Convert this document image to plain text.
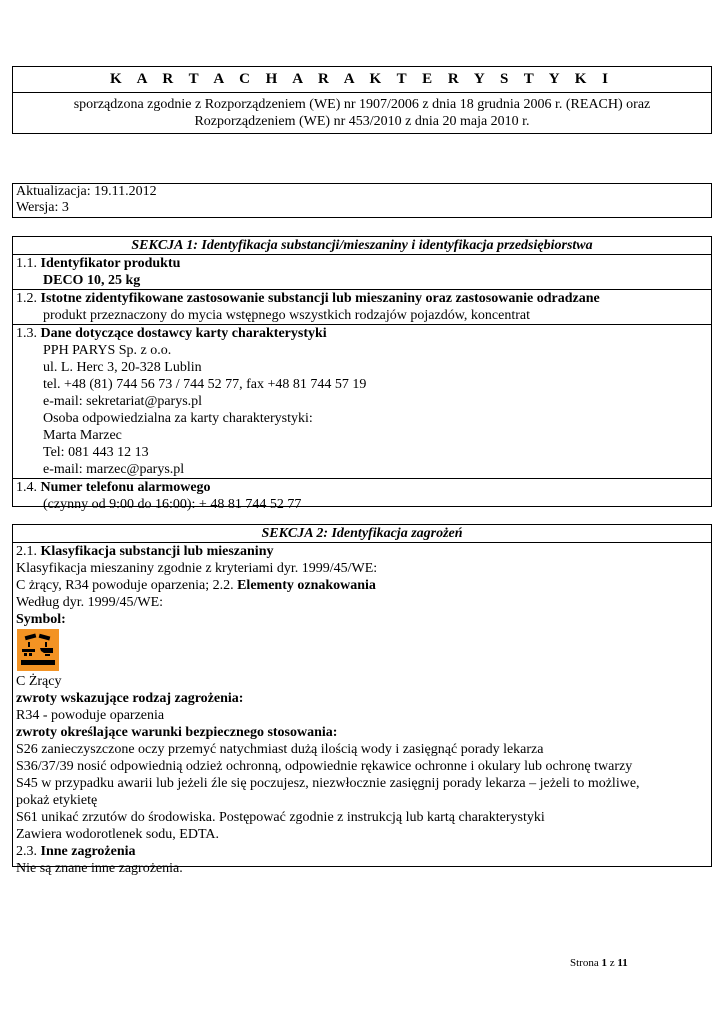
K A R T A C H A R A K T E R Y S T Y K I
sporządzona zgodnie z Rozporządzeniem (WE) nr 1907/2006 z dnia 18 grudnia 2006 r. (REACH) oraz
Rozporządzeniem (WE) nr 453/2010 z dnia 20 maja 2010 r.
Aktualizacja: 19.11.2012
Wersja: 3
SEKCJA 1: Identyfikacja substancji/mieszaniny i identyfikacja przedsiębiorstwa
1.1. Identyfikator produktu
DECO 10, 25 kg
1.2. Istotne zidentyfikowane zastosowanie substancji lub mieszaniny oraz zastosowanie odradzane
produkt przeznaczony do mycia wstępnego wszystkich rodzajów pojazdów, koncentrat
1.3. Dane dotyczące dostawcy karty charakterystyki
PPH PARYS Sp. z o.o.
ul. L. Herc 3, 20-328 Lublin
tel. +48 (81) 744 56 73 / 744 52 77, fax +48 81 744 57 19
e-mail: sekretariat@parys.pl
Osoba odpowiedzialna za karty charakterystyki:
Marta Marzec
Tel: 081 443 12 13
e-mail: marzec@parys.pl
1.4. Numer telefonu alarmowego
(czynny od 9:00 do 16:00): + 48 81 744 52 77
SEKCJA 2: Identyfikacja zagrożeń
2.1. Klasyfikacja substancji lub mieszaniny
Klasyfikacja mieszaniny zgodnie z kryteriami dyr. 1999/45/WE:
C żrący, R34 powoduje oparzenia; 2.2. Elementy oznakowania
Według dyr. 1999/45/WE:
Symbol:
C Żrący
zwroty wskazujące rodzaj zagrożenia:
R34 - powoduje oparzenia
zwroty określające warunki bezpiecznego stosowania:
S26 zanieczyszczone oczy przemyć natychmiast dużą ilością wody i zasięgnąć porady lekarza
S36/37/39 nosić odpowiednią odzież ochronną, odpowiednie rękawice ochronne i okulary lub ochronę twarzy
S45 w przypadku awarii lub jeżeli źle się poczujesz, niezwłocznie zasięgnij porady lekarza – jeżeli to możliwe,
pokaż etykietę
S61 unikać zrzutów do środowiska. Postępować zgodnie z instrukcją lub kartą charakterystyki
Zawiera wodorotlenek sodu, EDTA.
2.3. Inne zagrożenia
Nie są znane inne zagrożenia.
Strona 1 z 11
